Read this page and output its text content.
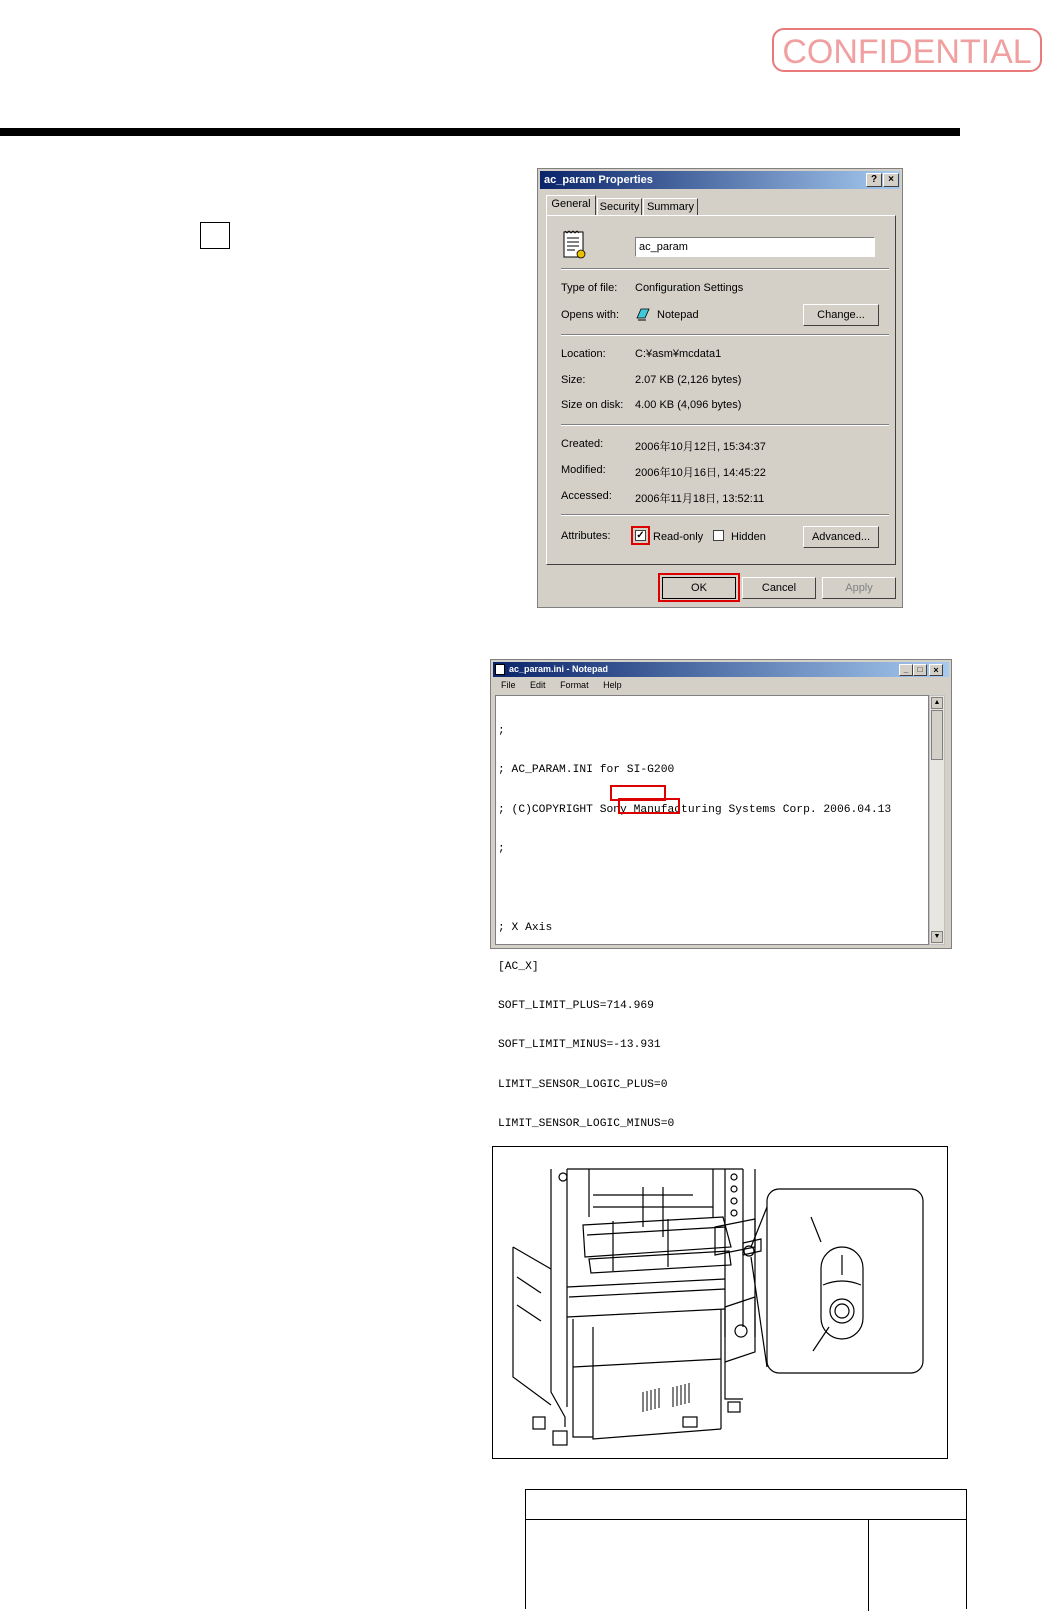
CONFIDENTIAL
ac_param Properties	?	×
General Security Summary
ac_param
Type of file: Configuration Settings
Opens with:	Notepad	Change...
Location:	C:¥asm¥mcdata1
Size:	2.07 KB (2,126 bytes)
Size on disk: 4.00 KB (4,096 bytes)
Created:	2006年10月12日, 15:34:37
Modified:	2006年10月16日, 14:45:22
Accessed: 2006年11月18日, 13:52:11
Attributes:	✓ Read-only	Hidden	Advanced...
OK	Cancel	Apply
ac_param.ini - Notepad	_	□	×
File Edit Format Help

;

; AC_PARAM.INI for SI-G200

; (C)COPYRIGHT Sony Manufacturing Systems Corp. 2006.04.13

;

; X Axis

[AC_X]

SOFT_LIMIT_PLUS=714.969

SOFT_LIMIT_MINUS=-13.931

LIMIT_SENSOR_LOGIC_PLUS=0

LIMIT_SENSOR_LOGIC_MINUS=0

▲
▼
